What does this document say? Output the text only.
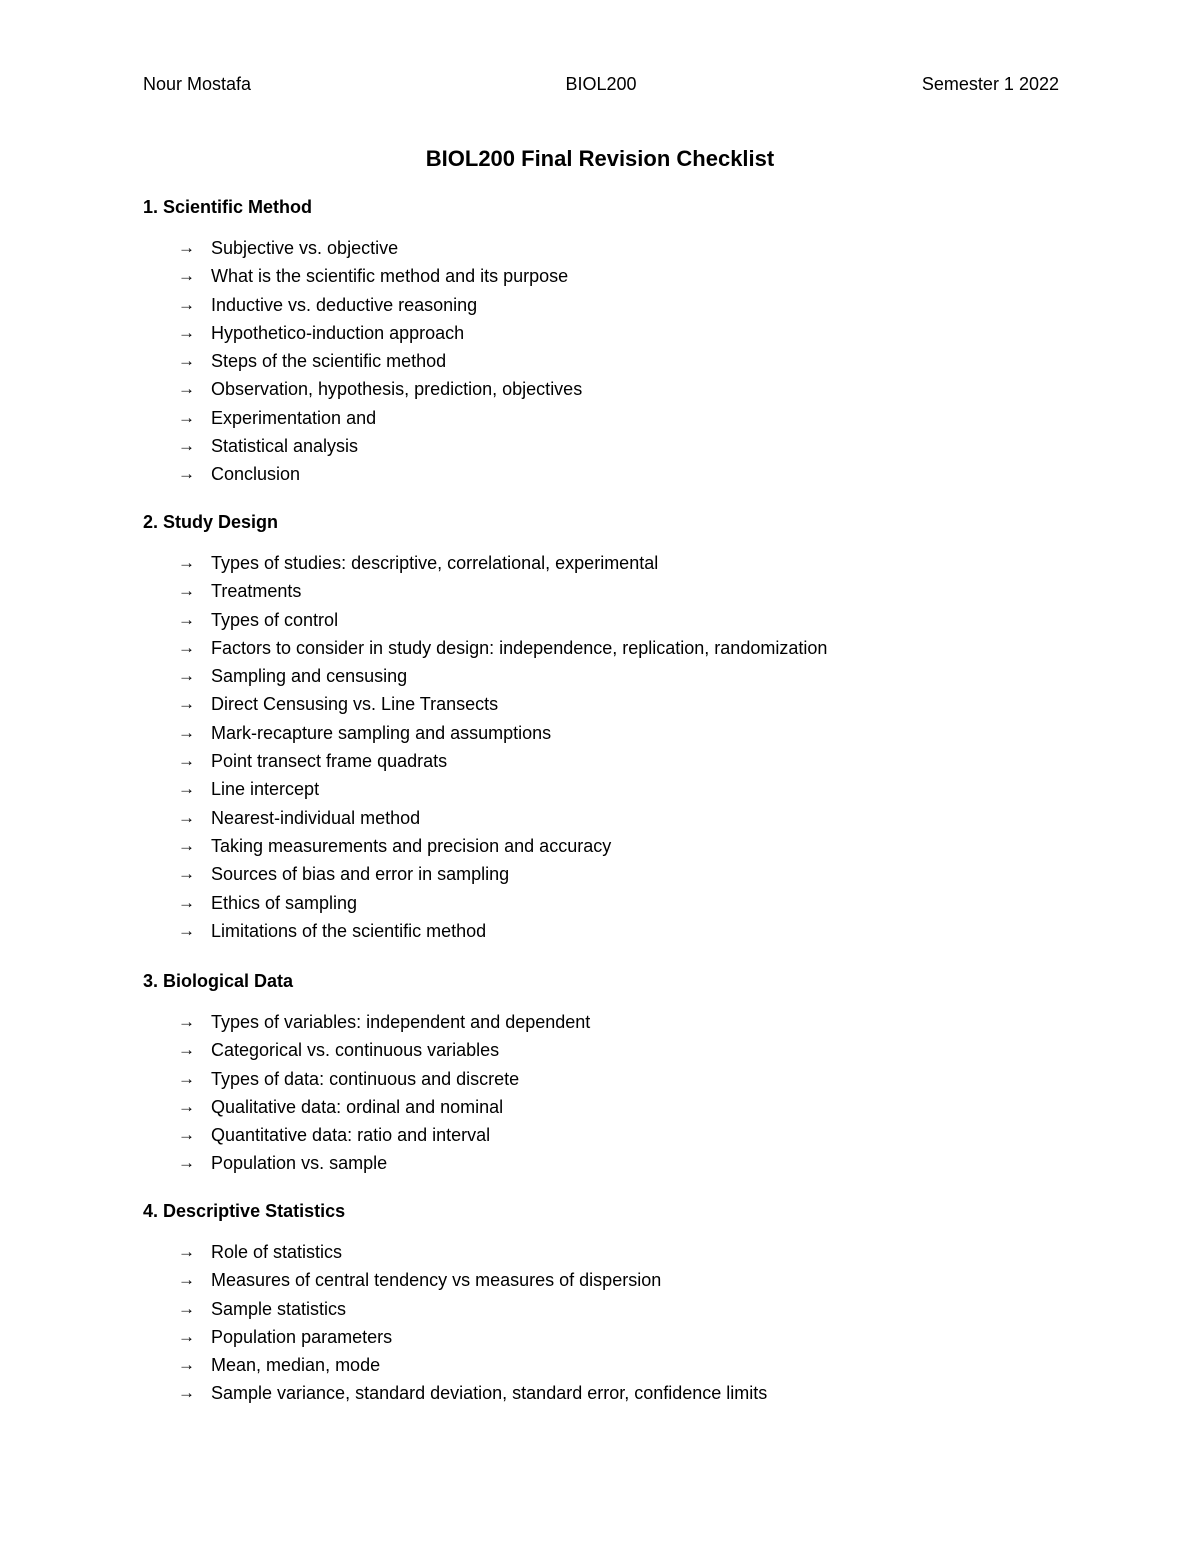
Nour Mostafa	BIOL200	Semester 1 2022
BIOL200 Final Revision Checklist
1. Scientific Method
→ Subjective vs. objective
→ What is the scientific method and its purpose
→ Inductive vs. deductive reasoning
→ Hypothetico-induction approach
→ Steps of the scientific method
→ Observation, hypothesis, prediction, objectives
→ Experimentation and
→ Statistical analysis
→ Conclusion
2. Study Design
→ Types of studies: descriptive, correlational, experimental
→ Treatments
→ Types of control
→ Factors to consider in study design: independence, replication, randomization
→ Sampling and censusing
→ Direct Censusing vs. Line Transects
→ Mark-recapture sampling and assumptions
→ Point transect frame quadrats
→ Line intercept
→ Nearest-individual method
→ Taking measurements and precision and accuracy
→ Sources of bias and error in sampling
→ Ethics of sampling
→ Limitations of the scientific method
3. Biological Data
→ Types of variables: independent and dependent
→ Categorical vs. continuous variables
→ Types of data: continuous and discrete
→ Qualitative data: ordinal and nominal
→ Quantitative data: ratio and interval
→ Population vs. sample
4. Descriptive Statistics
→ Role of statistics
→ Measures of central tendency vs measures of dispersion
→ Sample statistics
→ Population parameters
→ Mean, median, mode
→ Sample variance, standard deviation, standard error, confidence limits
